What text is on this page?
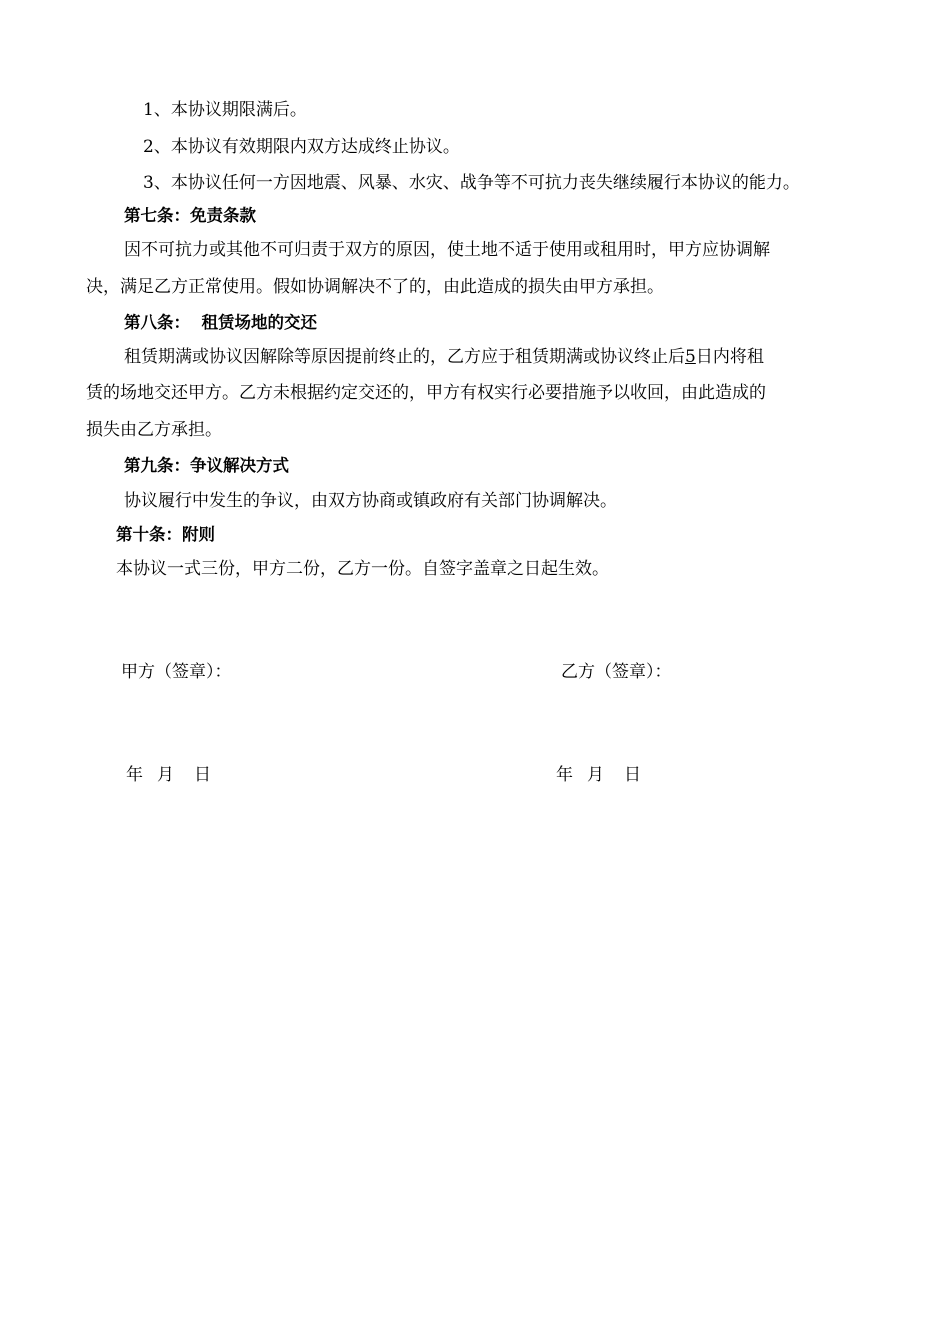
1、本协议期限满后。
2、本协议有效期限内双方达成终止协议。
3、本协议任何一方因地震、风暴、水灾、战争等不可抗力丧失继续履行本协议的能力。
第七条：免责条款
因不可抗力或其他不可归责于双方的原因，使土地不适于使用或租用时，甲方应协调解
决，满足乙方正常使用。假如协调解决不了的，由此造成的损失由甲方承担。
第八条：  租赁场地的交还
租赁期满或协议因解除等原因提前终止的，乙方应于租赁期满或协议终止后5日内将租
赁的场地交还甲方。乙方未根据约定交还的，甲方有权实行必要措施予以收回，由此造成的
损失由乙方承担。
第九条：争议解决方式
协议履行中发生的争议，由双方协商或镇政府有关部门协调解决。
第十条：附则
本协议一式三份，甲方二份，乙方一份。自签字盖章之日起生效。
甲方（签章）：	乙方（签章）：
年 月 日	年 月 日
